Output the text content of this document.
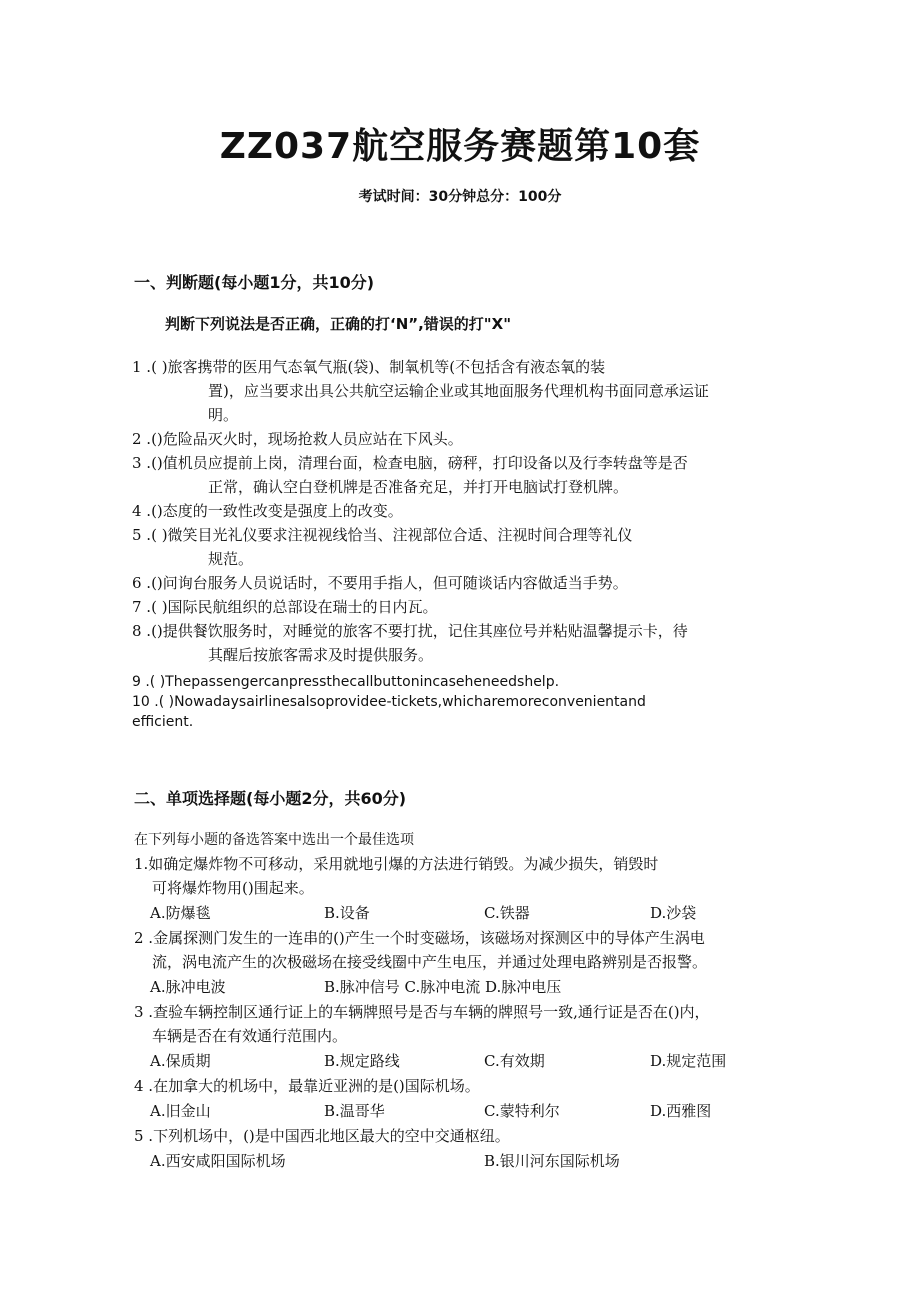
ZZ037航空服务赛题第10套
考试时间：30分钟总分：100分
一、判断题(每小题1分，共10分)
判断下列说法是否正确，正确的打‘N”,错误的打"X"
1 .( )旅客携带的医用气态氧气瓶(袋)、制氧机等(不包括含有液态氧的装
置)，应当要求出具公共航空运输企业或其地面服务代理机构书面同意承运证
明。
2 .()危险品灭火时，现场抢救人员应站在下风头。
3 .()值机员应提前上岗，清理台面，检查电脑，磅秤，打印设备以及行李转盘等是否
正常，确认空白登机牌是否准备充足，并打开电脑试打登机牌。
4 .()态度的一致性改变是强度上的改变。
5 .( )微笑目光礼仪要求注视视线恰当、注视部位合适、注视时间合理等礼仪
规范。
6 .()问询台服务人员说话时，不要用手指人，但可随谈话内容做适当手势。
7 .( )国际民航组织的总部设在瑞士的日内瓦。
8 .()提供餐饮服务时，对睡觉的旅客不要打扰，记住其座位号并粘贴温馨提示卡，待
其醒后按旅客需求及时提供服务。
9 .( )Thepassengercanpressthecallbuttonincaseheneedshelp.
10 .( )Nowadaysairlinesalsoprovidee-tickets,whicharemoreconvenientand
efficient.
二、单项选择题(每小题2分，共60分)
在下列每小题的备选答案中选出一个最佳选项
1.如确定爆炸物不可移动，采用就地引爆的方法进行销毁。为减少损失，销毁时
可将爆炸物用()围起来。
A.防爆毯	B.设备	C.铁器	D.沙袋
2 .金属探测门发生的一连串的()产生一个时变磁场，该磁场对探测区中的导体产生涡电
流，涡电流产生的次极磁场在接受线圈中产生电压，并通过处理电路辨别是否报警。
A.脉冲电波	B.脉冲信号 C.脉冲电流 D.脉冲电压
3 .查验车辆控制区通行证上的车辆牌照号是否与车辆的牌照号一致,通行证是否在()内，
车辆是否在有效通行范围内。
A.保质期	B.规定路线	C.有效期	D.规定范围
4 .在加拿大的机场中，最靠近亚洲的是()国际机场。
A.旧金山	B.温哥华	C.蒙特利尔	D.西雅图
5 .下列机场中，()是中国西北地区最大的空中交通枢纽。
A.西安咸阳国际机场	B.银川河东国际机场
